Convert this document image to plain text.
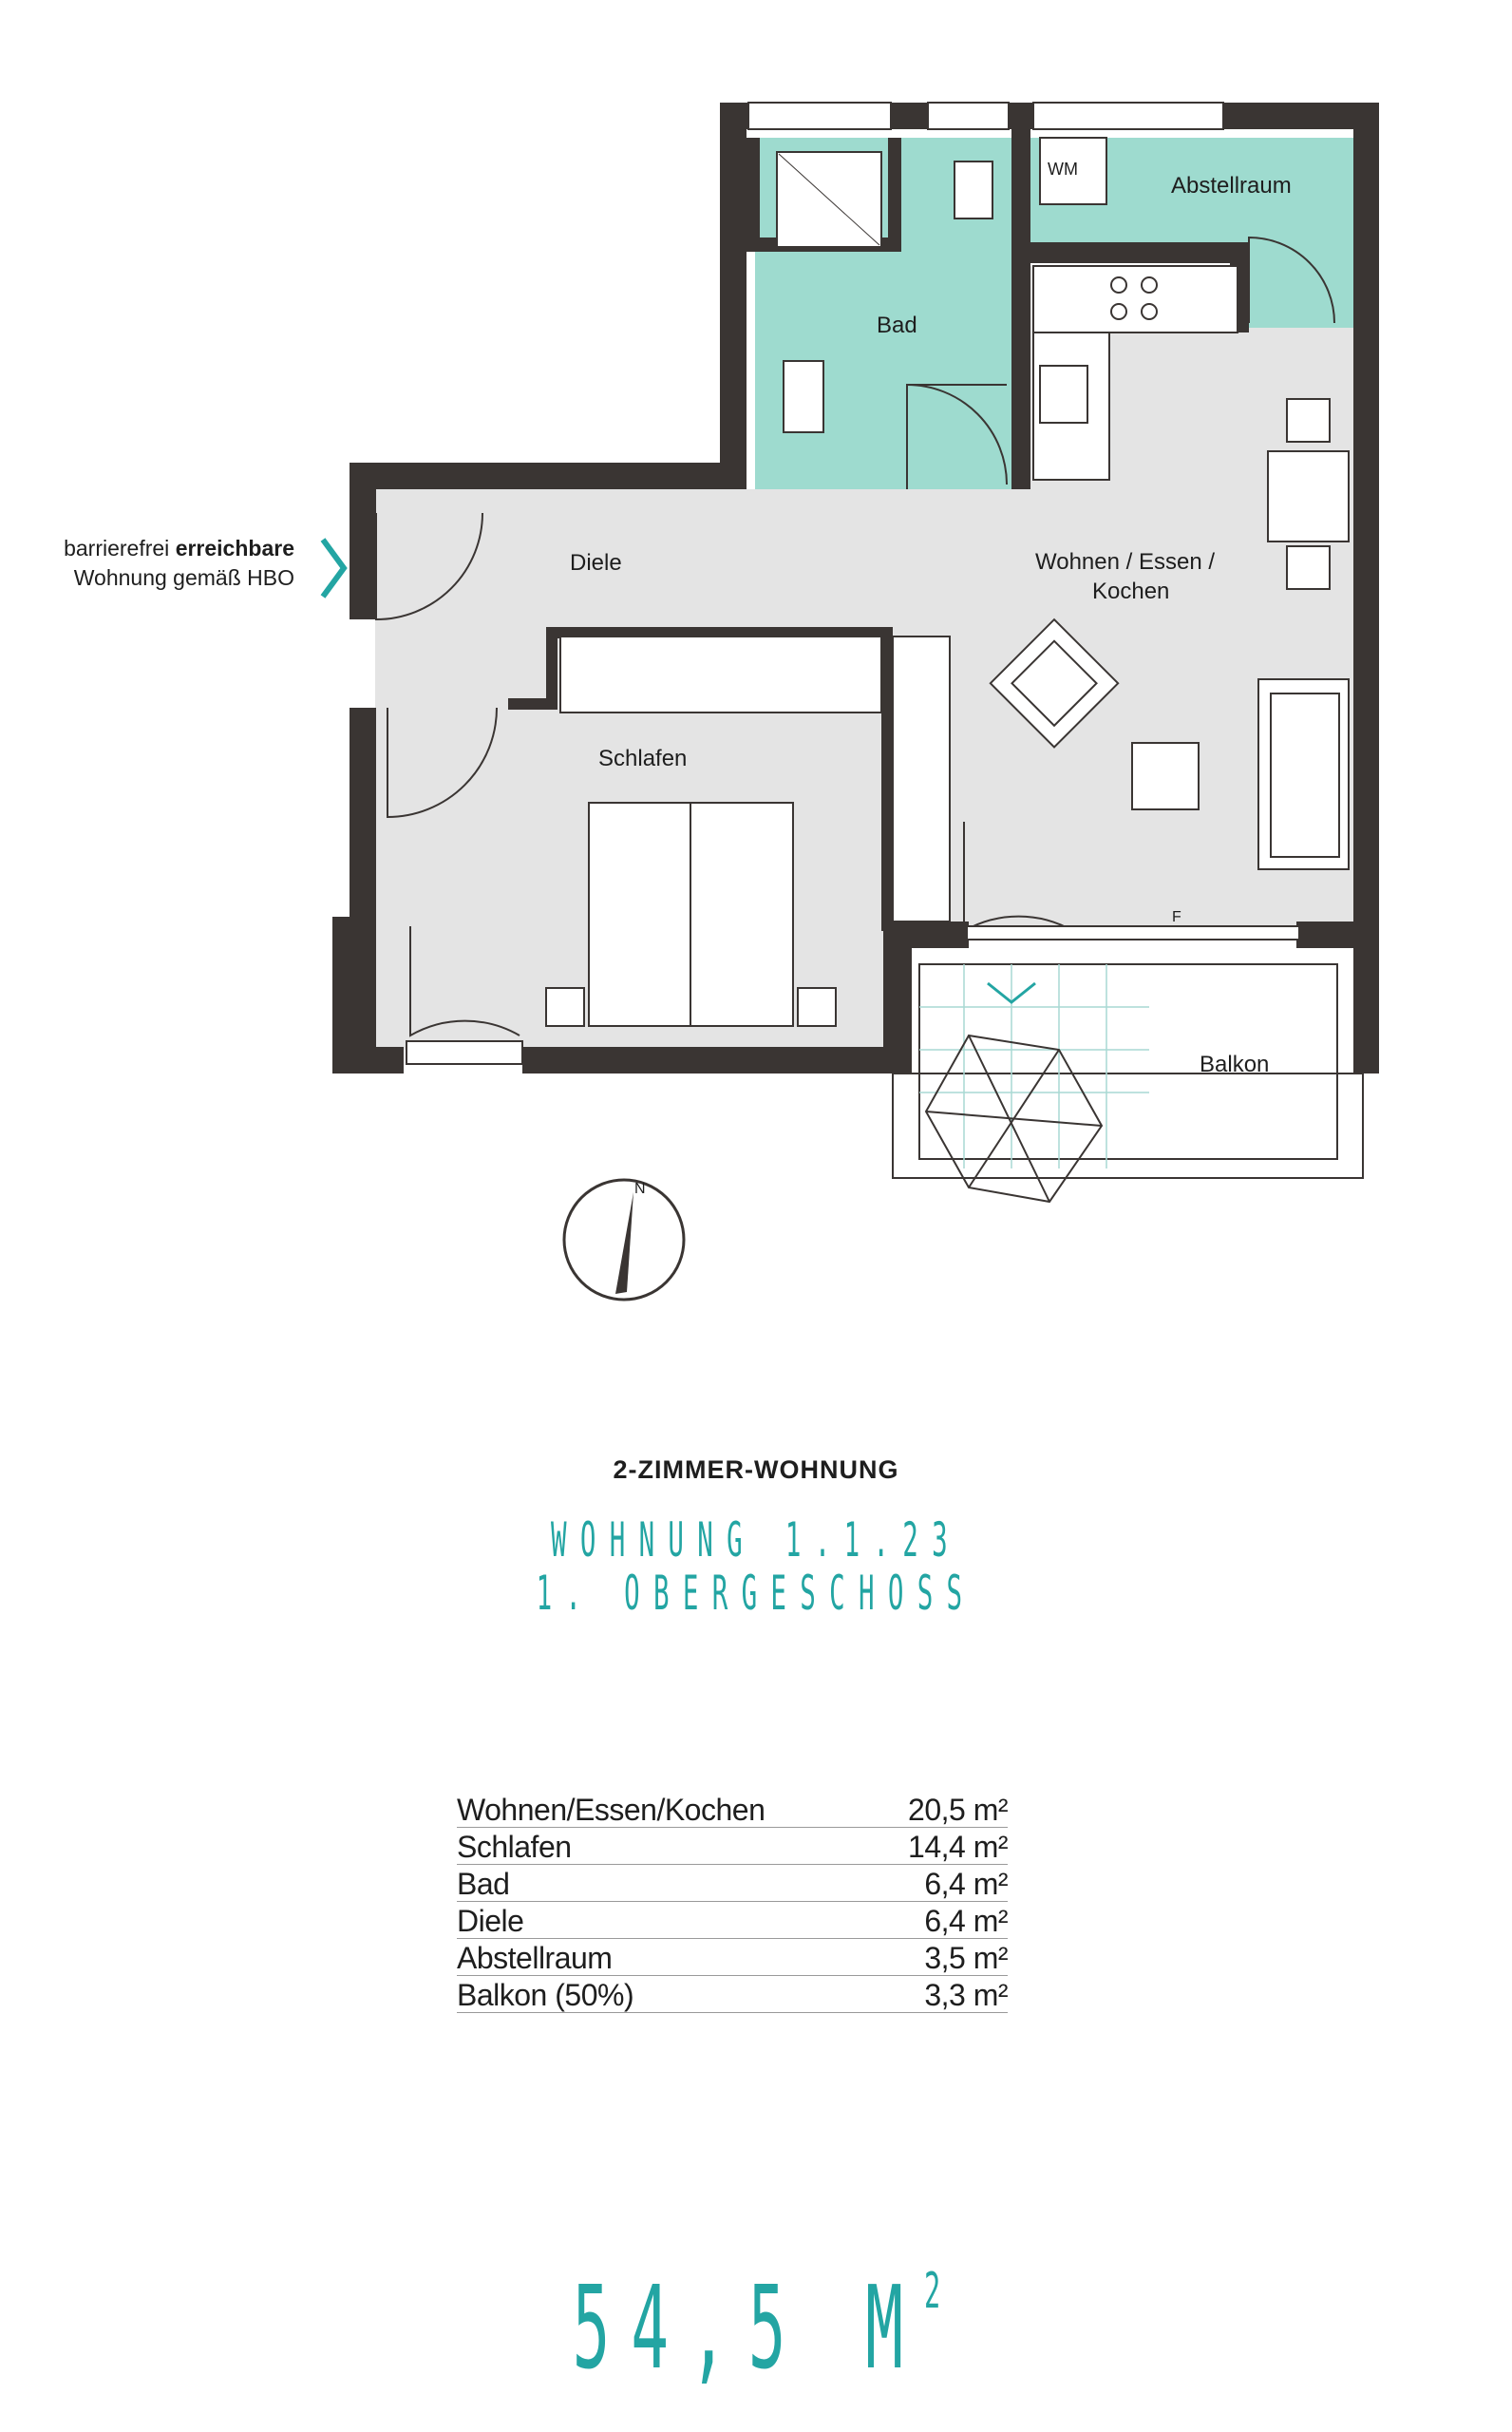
N
Bad
Abstellraum
WM
Diele	Wohnen / Essen /
Kochen
Schlafen
Balkon
F
barrierefrei erreichbare
Wohnung gemäß HBO
2-ZIMMER-WOHNUNG
WOHNUNG 1.1.23
1. OBERGESCHOSS
Wohnen/Essen/Kochen	20,5 m²
Schlafen	14,4 m²
Bad	6,4 m²
Diele	6,4 m²
Abstellraum	3,5 m²
Balkon (50%)	3,3 m²
54,5 $M^2$
